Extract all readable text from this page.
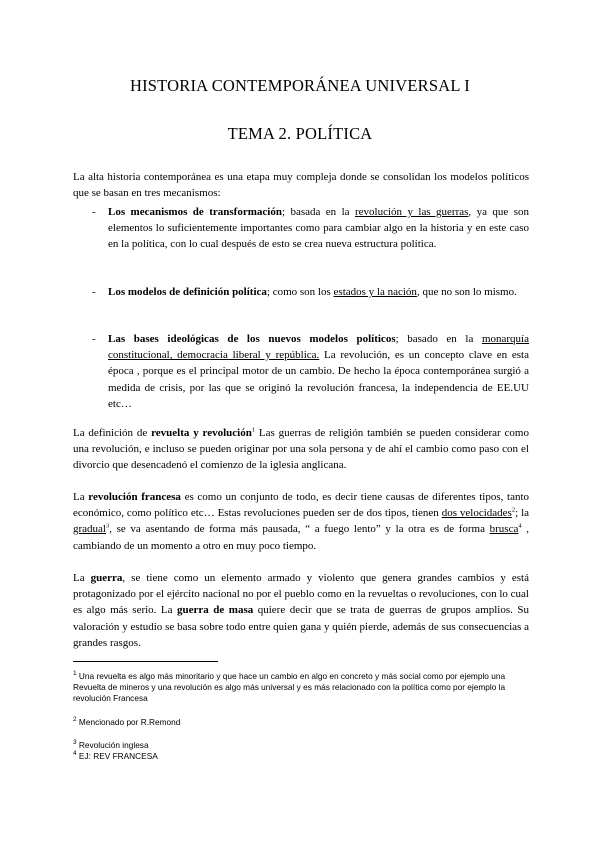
HISTORIA CONTEMPORÁNEA UNIVERSAL I
TEMA 2. POLÍTICA
La alta historia contemporánea es una etapa muy compleja donde se consolidan los modelos políticos que se basan en tres mecanismos:
- Los mecanismos de transformación; basada en la revolución y las guerras, ya que son elementos lo suficientemente importantes como para cambiar algo en la historia y en este caso en la política, con lo cual después de esto se crea nueva estructura política.
- Los modelos de definición política; como son los estados y la nación, que no son lo mismo.
- Las bases ideológicas de los nuevos modelos políticos; basado en la monarquía constitucional, democracia liberal y república. La revolución, es un concepto clave en esta época , porque es el principal motor de un cambio. De hecho la época contemporánea surgió a medida de crisis, por las que se originó la revolución francesa, la independencia de EE.UU etc…
La definición de revuelta y revolución$^1$ Las guerras de religión también se pueden considerar como una revolución, e incluso se pueden originar por una sola persona y de ahí el cambio como paso con el divorcio que desencadenó el comienzo de la iglesia anglicana.
La revolución francesa es como un conjunto de todo, es decir tiene causas de diferentes tipos, tanto económico, como político etc… Estas revoluciones pueden ser de dos tipos, tienen dos velocidades$^2$; la gradual$^3$, se va asentando de forma más pausada, “ a fuego lento” y la otra es de forma brusca$^4$ , cambiando de un momento a otro en muy poco tiempo.
La guerra, se tiene como un elemento armado y violento que genera grandes cambios y está protagonizado por el ejército nacional no por el pueblo como en la revueltas o revoluciones, con lo cual es algo más serio. La guerra de masa quiere decir que se trata de guerras de grupos amplios. Su valoración y estudio se basa sobre todo entre quien gana y quién pierde, además de sus consecuencias a grandes rasgos.
$^1$ Una revuelta es algo más minoritario y que hace un cambio en algo en concreto y más social como por ejemplo una Revuelta de mineros y una revolución es algo más universal y es más relacionado con la política como por ejemplo la revolución Francesa
$^2$ Mencionado por R.Remond
$^3$ Revolución inglesa
$^4$ EJ: REV FRANCESA
